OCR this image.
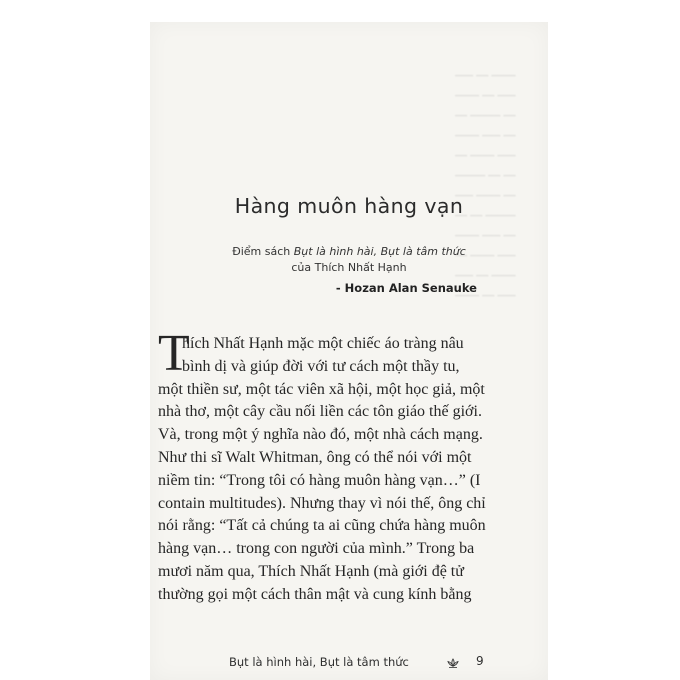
━━━ ━━ ━━━━
━━━━ ━━ ━━━
━━ ━━━━━ ━━
━━━━ ━━━ ━━
━━ ━━━━ ━━━
━━━━━ ━━ ━━
━━━ ━━━━ ━━
━━ ━━ ━━━━━
━━━━ ━━━ ━━
━━ ━━━━ ━━━
━━━ ━━ ━━━━
━━━━ ━━ ━━━
Hàng muôn hàng vạn
Điểm sách Bụt là hình hài, Bụt là tâm thức
của Thích Nhất Hạnh
- Hozan Alan Senauke
T
hích Nhất Hạnh mặc một chiếc áo tràng nâu
bình dị và giúp đời với tư cách một thầy tu,
một thiền sư, một tác viên xã hội, một học giả, một
nhà thơ, một cây cầu nối liền các tôn giáo thế giới.
Và, trong một ý nghĩa nào đó, một nhà cách mạng.
Như thi sĩ Walt Whitman, ông có thể nói với một
niềm tin: “Trong tôi có hàng muôn hàng vạn…” (I
contain multitudes). Nhưng thay vì nói thế, ông chỉ
nói rằng: “Tất cả chúng ta ai cũng chứa hàng muôn
hàng vạn… trong con người của mình.” Trong ba
mươi năm qua, Thích Nhất Hạnh (mà giới đệ tử
thường gọi một cách thân mật và cung kính bằng
Bụt là hình hài, Bụt là tâm thức	9
